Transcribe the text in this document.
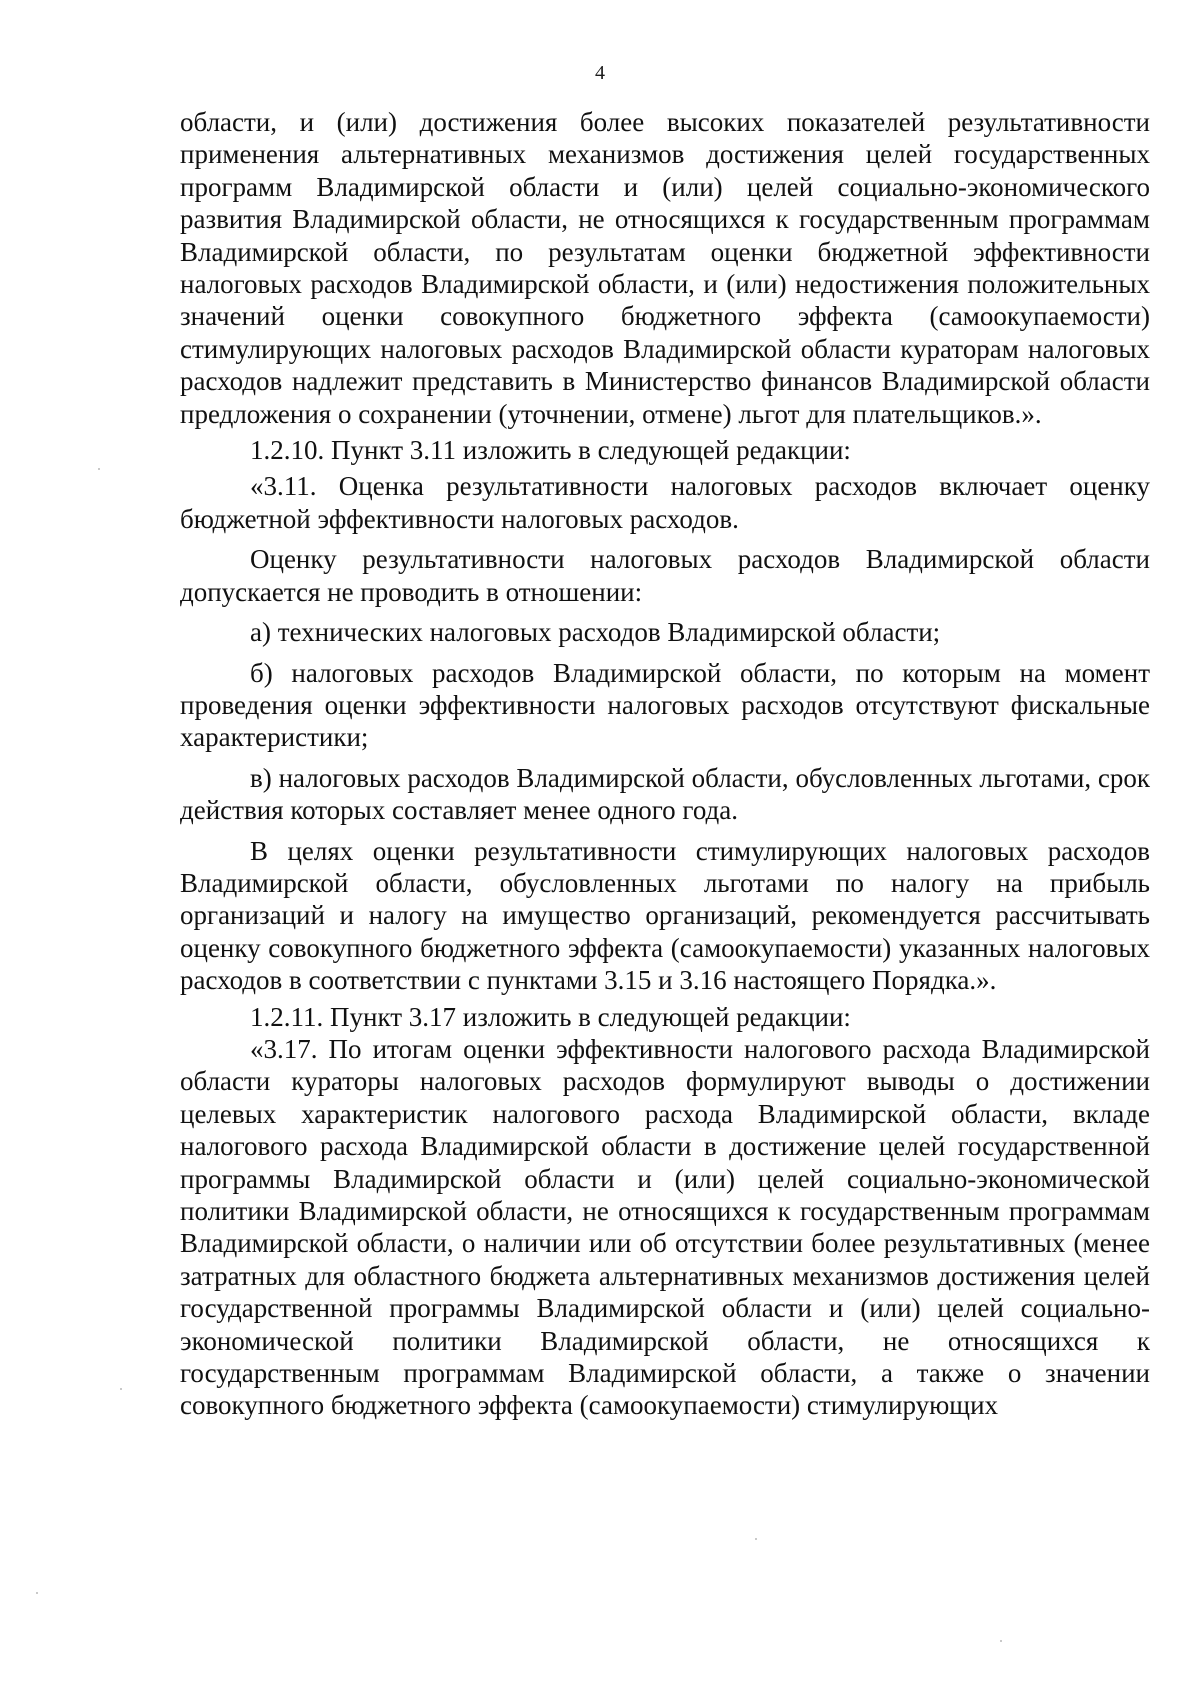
4

области, и (или) достижения более высоких показателей результативности применения альтернативных механизмов достижения целей государственных программ Владимирской области и (или) целей социально-экономического развития Владимирской области, не относящихся к государственным программам Владимирской области, по результатам оценки бюджетной эффективности налоговых расходов Владимирской области, и (или) недостижения положительных значений оценки совокупного бюджетного эффекта (самоокупаемости) стимулирующих налоговых расходов Владимирской области кураторам налоговых расходов надлежит представить в Министерство финансов Владимирской области предложения о сохранении (уточнении, отмене) льгот для плательщиков.».

1.2.10. Пункт 3.11 изложить в следующей редакции:

«3.11. Оценка результативности налоговых расходов включает оценку бюджетной эффективности налоговых расходов.

Оценку результативности налоговых расходов Владимирской области допускается не проводить в отношении:

а) технических налоговых расходов Владимирской области;

б) налоговых расходов Владимирской области, по которым на момент проведения оценки эффективности налоговых расходов отсутствуют фискальные характеристики;

в) налоговых расходов Владимирской области, обусловленных льготами, срок действия которых составляет менее одного года.

В целях оценки результативности стимулирующих налоговых расходов Владимирской области, обусловленных льготами по налогу на прибыль организаций и налогу на имущество организаций, рекомендуется рассчитывать оценку совокупного бюджетного эффекта (самоокупаемости) указанных налоговых расходов в соответствии с пунктами 3.15 и 3.16 настоящего Порядка.».

1.2.11. Пункт 3.17 изложить в следующей редакции:

«3.17. По итогам оценки эффективности налогового расхода Владимирской области кураторы налоговых расходов формулируют выводы о достижении целевых характеристик налогового расхода Владимирской области, вкладе налогового расхода Владимирской области в достижение целей государственной программы Владимирской области и (или) целей социально-экономической политики Владимирской области, не относящихся к государственным программам Владимирской области, о наличии или об отсутствии более результативных (менее затратных для областного бюджета альтернативных механизмов достижения целей государственной программы Владимирской области и (или) целей социально-экономической политики Владимирской области, не относящихся к государственным программам Владимирской области, а также о значении совокупного бюджетного эффекта (самоокупаемости) стимулирующих
